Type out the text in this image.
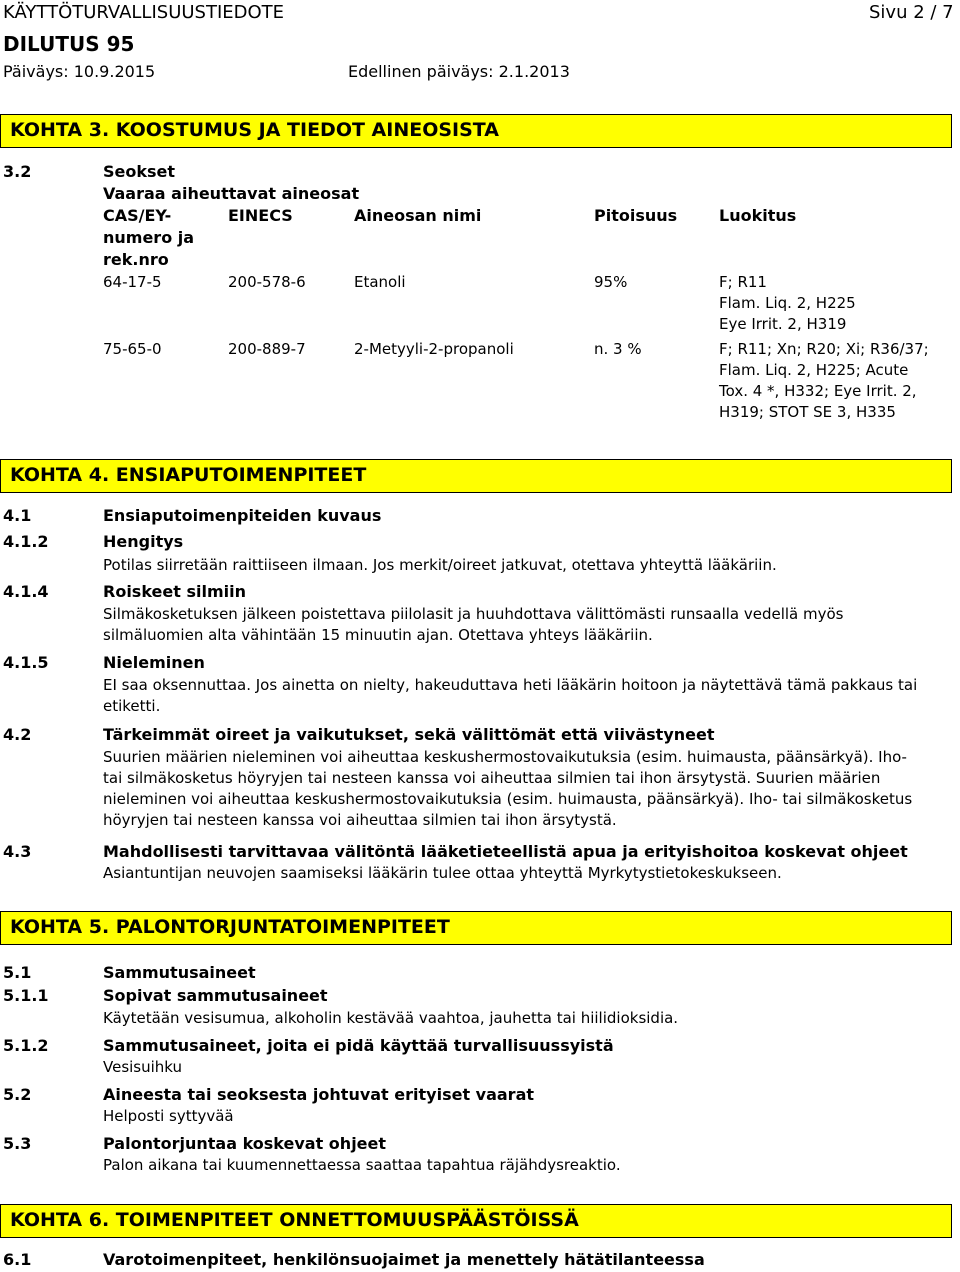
KÄYTTÖTURVALLISUUSTIEDOTE	Sivu 2 / 7
DILUTUS 95
Päiväys: 10.9.2015	Edellinen päiväys: 2.1.2013
KOHTA 3. KOOSTUMUS JA TIEDOT AINEOSISTA
3.2	Seokset
Vaaraa aiheuttavat aineosat
CAS/EY-
numero ja
rek.nro
EINECS	Aineosan nimi	Pitoisuus	Luokitus
64-17-5	200-578-6	Etanoli	95%	F; R11
Flam. Liq. 2, H225
Eye Irrit. 2, H319
75-65-0	200-889-7	2-Metyyli-2-propanoli	n. 3 %	F; R11; Xn; R20; Xi; R36/37;
Flam. Liq. 2, H225; Acute
Tox. 4 *, H332; Eye Irrit. 2,
H319; STOT SE 3, H335
KOHTA 4. ENSIAPUTOIMENPITEET
4.1	Ensiaputoimenpiteiden kuvaus
4.1.2	Hengitys
Potilas siirretään raittiiseen ilmaan. Jos merkit/oireet jatkuvat, otettava yhteyttä lääkäriin.
4.1.4	Roiskeet silmiin
Silmäkosketuksen jälkeen poistettava piilolasit ja huuhdottava välittömästi runsaalla vedellä myös
silmäluomien alta vähintään 15 minuutin ajan. Otettava yhteys lääkäriin.
4.1.5	Nieleminen
EI saa oksennuttaa. Jos ainetta on nielty, hakeuduttava heti lääkärin hoitoon ja näytettävä tämä pakkaus tai
etiketti.
4.2	Tärkeimmät oireet ja vaikutukset, sekä välittömät että viivästyneet
Suurien määrien nieleminen voi aiheuttaa keskushermostovaikutuksia (esim. huimausta, päänsärkyä). Iho-
tai silmäkosketus höyryjen tai nesteen kanssa voi aiheuttaa silmien tai ihon ärsytystä. Suurien määrien
nieleminen voi aiheuttaa keskushermostovaikutuksia (esim. huimausta, päänsärkyä). Iho- tai silmäkosketus
höyryjen tai nesteen kanssa voi aiheuttaa silmien tai ihon ärsytystä.
4.3	Mahdollisesti tarvittavaa välitöntä lääketieteellistä apua ja erityishoitoa koskevat ohjeet
Asiantuntijan neuvojen saamiseksi lääkärin tulee ottaa yhteyttä Myrkytystietokeskukseen.
KOHTA 5. PALONTORJUNTATOIMENPITEET
5.1	Sammutusaineet
5.1.1	Sopivat sammutusaineet
Käytetään vesisumua, alkoholin kestävää vaahtoa, jauhetta tai hiilidioksidia.
5.1.2	Sammutusaineet, joita ei pidä käyttää turvallisuussyistä
Vesisuihku
5.2	Aineesta tai seoksesta johtuvat erityiset vaarat
Helposti syttyvää
5.3	Palontorjuntaa koskevat ohjeet
Palon aikana tai kuumennettaessa saattaa tapahtua räjähdysreaktio.
KOHTA 6. TOIMENPITEET ONNETTOMUUSPÄÄSTÖISSÄ
6.1	Varotoimenpiteet, henkilönsuojaimet ja menettely hätätilanteessa
